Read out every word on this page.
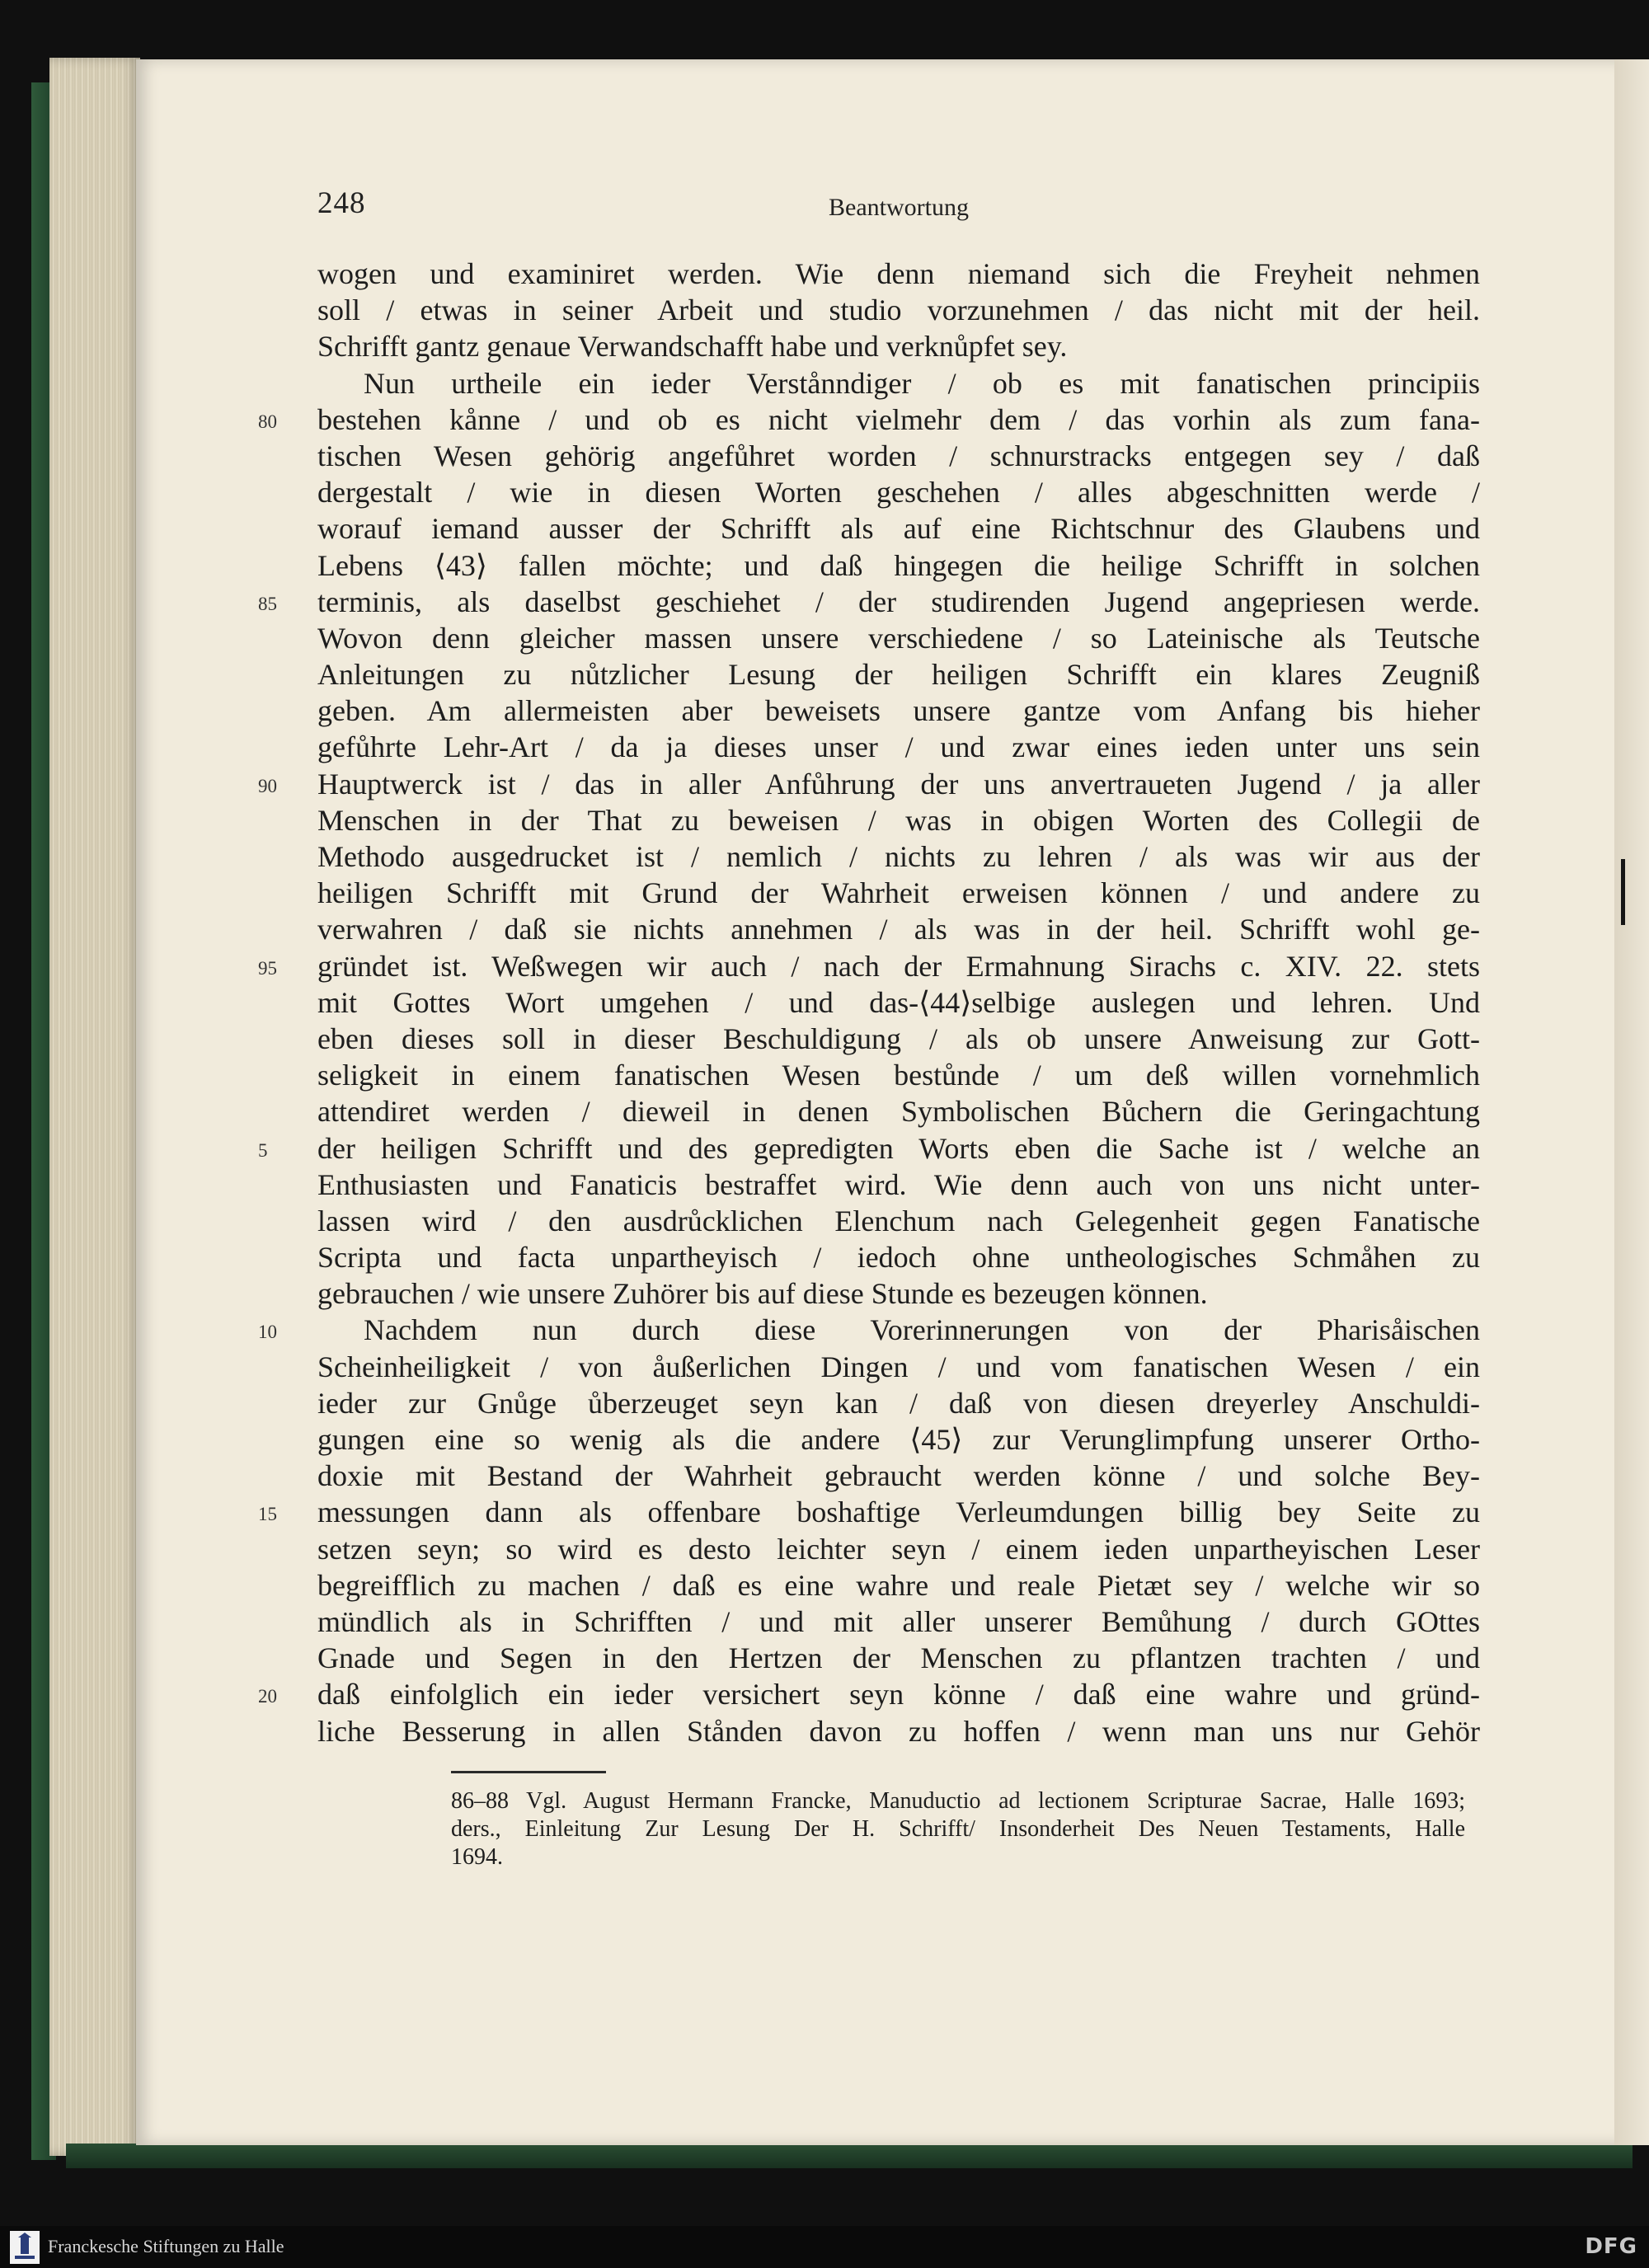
248	Beantwortung
wogen und examiniret werden. Wie denn niemand sich die Freyheit nehmen
soll / etwas in seiner Arbeit und studio vorzunehmen / das nicht mit der heil.
Schrifft gantz genaue Verwandschafft habe und verknůpfet sey.
Nun urtheile ein ieder Verstånndiger / ob es mit fanatischen principiis
80	bestehen kånne / und ob es nicht vielmehr dem / das vorhin als zum fana-
tischen Wesen gehörig angefůhret worden / schnurstracks entgegen sey / daß
dergestalt / wie in diesen Worten geschehen / alles abgeschnitten werde /
worauf iemand ausser der Schrifft als auf eine Richtschnur des Glaubens und
Lebens ⟨43⟩ fallen möchte; und daß hingegen die heilige Schrifft in solchen
85	terminis, als daselbst geschiehet / der studirenden Jugend angepriesen werde.
Wovon denn gleicher massen unsere verschiedene / so Lateinische als Teutsche
Anleitungen zu nůtzlicher Lesung der heiligen Schrifft ein klares Zeugniß
geben. Am allermeisten aber beweisets unsere gantze vom Anfang bis hieher
gefůhrte Lehr-Art / da ja dieses unser / und zwar eines ieden unter uns sein
90	Hauptwerck ist / das in aller Anfůhrung der uns anvertraueten Jugend / ja aller
Menschen in der That zu beweisen / was in obigen Worten des Collegii de
Methodo ausgedrucket ist / nemlich / nichts zu lehren / als was wir aus der
heiligen Schrifft mit Grund der Wahrheit erweisen können / und andere zu
verwahren / daß sie nichts annehmen / als was in der heil. Schrifft wohl ge-
95	gründet ist. Weßwegen wir auch / nach der Ermahnung Sirachs c. XIV. 22. stets
mit Gottes Wort umgehen / und das-⟨44⟩selbige auslegen und lehren. Und
eben dieses soll in dieser Beschuldigung / als ob unsere Anweisung zur Gott-
seligkeit in einem fanatischen Wesen bestůnde / um deß willen vornehmlich
attendiret werden / dieweil in denen Symbolischen Bůchern die Geringachtung
5	der heiligen Schrifft und des gepredigten Worts eben die Sache ist / welche an
Enthusiasten und Fanaticis bestraffet wird. Wie denn auch von uns nicht unter-
lassen wird / den ausdrůcklichen Elenchum nach Gelegenheit gegen Fanatische
Scripta und facta unpartheyisch / iedoch ohne untheologisches Schmåhen zu
gebrauchen / wie unsere Zuhörer bis auf diese Stunde es bezeugen können.
10	Nachdem nun durch diese Vorerinnerungen von der Pharisåischen
Scheinheiligkeit / von åußerlichen Dingen / und vom fanatischen Wesen / ein
ieder zur Gnůge ůberzeuget seyn kan / daß von diesen dreyerley Anschuldi-
gungen eine so wenig als die andere ⟨45⟩ zur Verunglimpfung unserer Ortho-
doxie mit Bestand der Wahrheit gebraucht werden könne / und solche Bey-
15	messungen dann als offenbare boshaftige Verleumdungen billig bey Seite zu
setzen seyn; so wird es desto leichter seyn / einem ieden unpartheyischen Leser
begreifflich zu machen / daß es eine wahre und reale Pietæt sey / welche wir so
mündlich als in Schrifften / und mit aller unserer Bemůhung / durch GOttes
Gnade und Segen in den Hertzen der Menschen zu pflantzen trachten / und
20	daß einfolglich ein ieder versichert seyn könne / daß eine wahre und gründ-
liche Besserung in allen Stånden davon zu hoffen / wenn man uns nur Gehör
86–88 Vgl. August Hermann Francke, Manuductio ad lectionem Scripturae Sacrae, Halle 1693;
ders., Einleitung Zur Lesung Der H. Schrifft/ Insonderheit Des Neuen Testaments, Halle
1694.
Franckesche Stiftungen zu Halle	DFG
